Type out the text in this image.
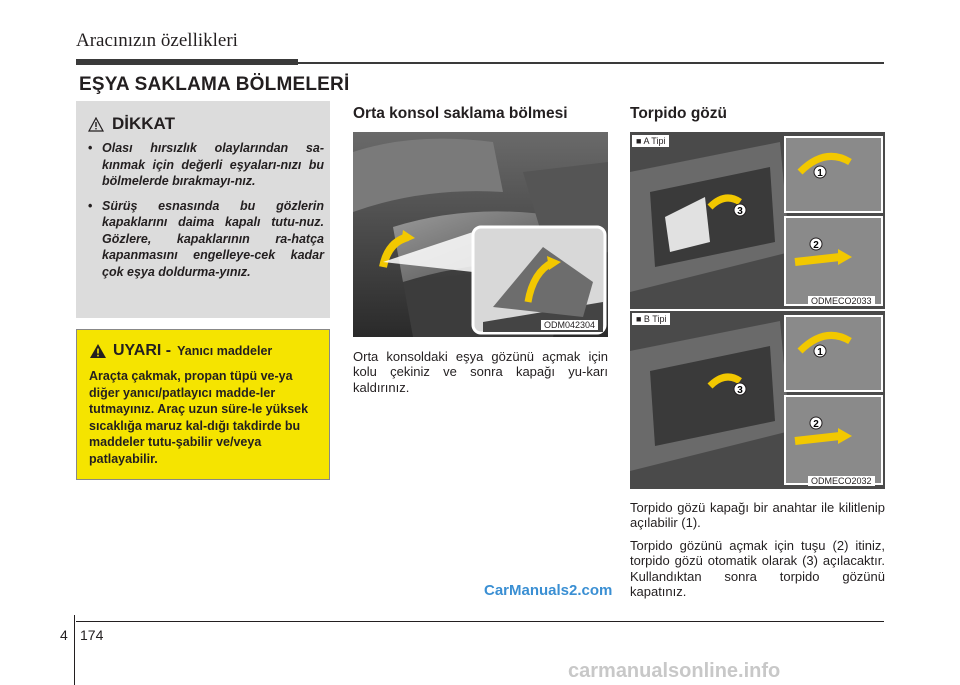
Aracınızın özellikleri
EŞYA SAKLAMA BÖLMELERİ
DİKKAT
• Olası hırsızlık olaylarından sa-kınmak için değerli eşyaları-nızı bu bölmelerde bırakmayı-nız.
• Sürüş esnasında bu gözlerin kapaklarını daima kapalı tutu-nuz. Gözlere, kapaklarının ra-hatça kapanmasını engelleye-cek kadar çok eşya doldurma-yınız.
UYARI - Yanıcı maddeler
Araçta çakmak, propan tüpü ve-ya diğer yanıcı/patlayıcı madde-ler tutmayınız. Araç uzun süre-le yüksek sıcaklığa maruz kal-dığı takdirde bu maddeler tutu-şabilir ve/veya patlayabilir.
Orta konsol saklama bölmesi
ODM042304
Orta konsoldaki eşya gözünü açmak için kolu çekiniz ve sonra kapağı yu-karı kaldırınız.
Torpido gözü
3
1
2
■ A Tipi
ODMECO2033
3
1
2
■ B Tipi
ODMECO2032
Torpido gözü kapağı bir anahtar ile kilitlenip açılabilir (1).
Torpido gözünü açmak için tuşu (2) itiniz, torpido gözü otomatik olarak (3) açılacaktır. Kullandıktan sonra torpido gözünü kapatınız.
4 174
CarManuals2.com
carmanualsonline.info
